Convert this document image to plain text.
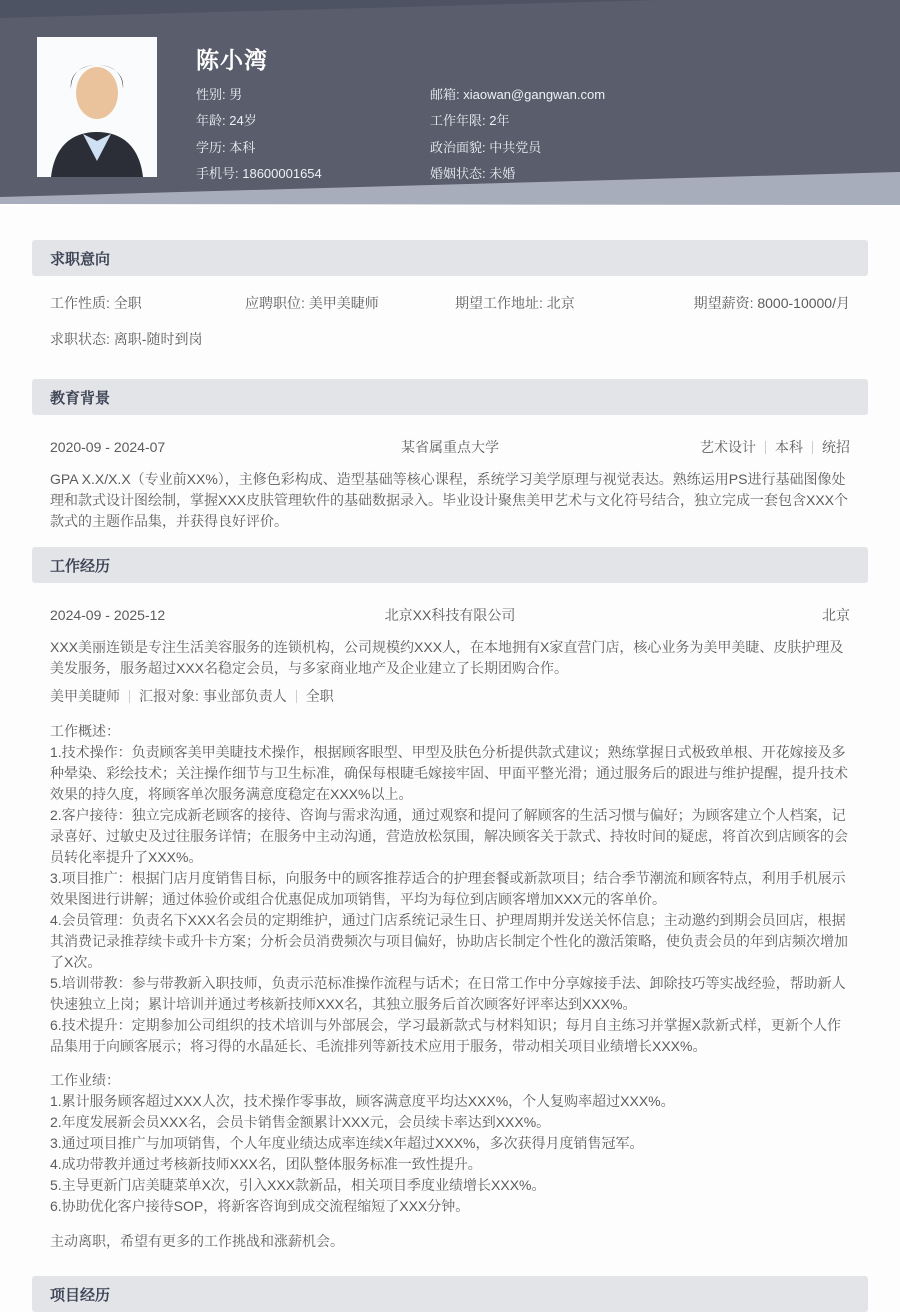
陈小湾
性别: 男
年龄: 24岁
学历: 本科
手机号: 18600001654
邮箱: xiaowan@gangwan.com
工作年限: 2年
政治面貌: 中共党员
婚姻状态: 未婚
求职意向
工作性质: 全职	应聘职位: 美甲美睫师	期望工作地址: 北京	期望薪资: 8000-10000/月
求职状态: 离职-随时到岗
教育背景
2020-09 - 2024-07	某省属重点大学	艺术设计 本科 统招
GPA X.X/X.X（专业前XX%），主修色彩构成、造型基础等核心课程，系统学习美学原理与视觉表达。熟练运用PS进行基础图像处理和款式设计图绘制，掌握XXX皮肤管理软件的基础数据录入。毕业设计聚焦美甲艺术与文化符号结合，独立完成一套包含XXX个款式的主题作品集，并获得良好评价。
工作经历
2024-09 - 2025-12	北京XX科技有限公司	北京
XXX美丽连锁是专注生活美容服务的连锁机构，公司规模约XXX人，在本地拥有X家直营门店，核心业务为美甲美睫、皮肤护理及美发服务，服务超过XXX名稳定会员，与多家商业地产及企业建立了长期团购合作。
美甲美睫师 汇报对象: 事业部负责人 全职

工作概述：

1.技术操作：负责顾客美甲美睫技术操作，根据顾客眼型、甲型及肤色分析提供款式建议；熟练掌握日式极致单根、开花嫁接及多种晕染、彩绘技术；关注操作细节与卫生标准，确保每根睫毛嫁接牢固、甲面平整光滑；通过服务后的跟进与维护提醒，提升技术效果的持久度，将顾客单次服务满意度稳定在XXX%以上。

2.客户接待：独立完成新老顾客的接待、咨询与需求沟通，通过观察和提问了解顾客的生活习惯与偏好；为顾客建立个人档案，记录喜好、过敏史及过往服务详情；在服务中主动沟通，营造放松氛围，解决顾客关于款式、持妆时间的疑虑，将首次到店顾客的会员转化率提升了XXX%。

3.项目推广：根据门店月度销售目标，向服务中的顾客推荐适合的护理套餐或新款项目；结合季节潮流和顾客特点，利用手机展示效果图进行讲解；通过体验价或组合优惠促成加项销售，平均为每位到店顾客增加XXX元的客单价。

4.会员管理：负责名下XXX名会员的定期维护，通过门店系统记录生日、护理周期并发送关怀信息；主动邀约到期会员回店，根据其消费记录推荐续卡或升卡方案；分析会员消费频次与项目偏好，协助店长制定个性化的激活策略，使负责会员的年到店频次增加了X次。

5.培训带教：参与带教新入职技师，负责示范标准操作流程与话术；在日常工作中分享嫁接手法、卸除技巧等实战经验，帮助新人快速独立上岗；累计培训并通过考核新技师XXX名，其独立服务后首次顾客好评率达到XXX%。

6.技术提升：定期参加公司组织的技术培训与外部展会，学习最新款式与材料知识；每月自主练习并掌握X款新式样，更新个人作品集用于向顾客展示；将习得的水晶延长、毛流排列等新技术应用于服务，带动相关项目业绩增长XXX%。

工作业绩：

1.累计服务顾客超过XXX人次，技术操作零事故，顾客满意度平均达XXX%，个人复购率超过XXX%。

2.年度发展新会员XXX名，会员卡销售金额累计XXX元，会员续卡率达到XXX%。

3.通过项目推广与加项销售，个人年度业绩达成率连续X年超过XXX%，多次获得月度销售冠军。

4.成功带教并通过考核新技师XXX名，团队整体服务标准一致性提升。

5.主导更新门店美睫菜单X次，引入XXX款新品，相关项目季度业绩增长XXX%。

6.协助优化客户接待SOP，将新客咨询到成交流程缩短了XXX分钟。

主动离职，希望有更多的工作挑战和涨薪机会。
项目经历
